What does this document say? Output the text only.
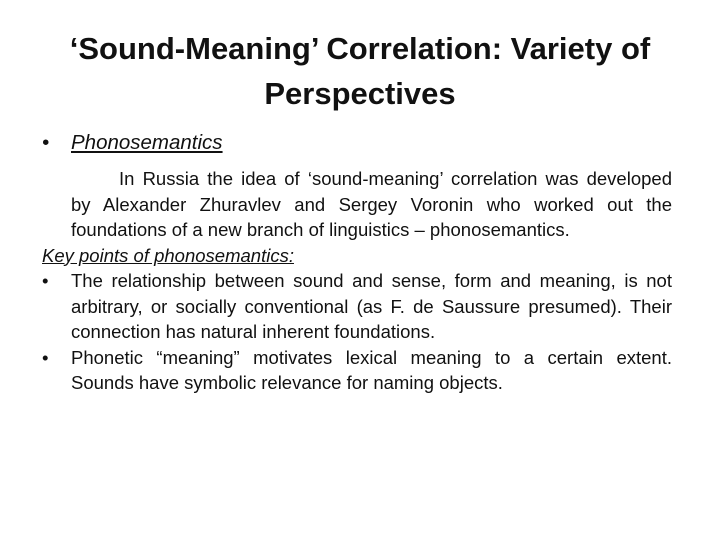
‘Sound-Meaning’ Correlation: Variety of Perspectives
• Phonosemantics
In Russia the idea of ‘sound-meaning’ correlation was developed by Alexander Zhuravlev and Sergey Voronin who worked out the foundations of a new branch of linguistics – phonosemantics.
Key points of phonosemantics:
• The relationship between sound and sense, form and meaning, is not arbitrary, or socially conventional (as F. de Saussure presumed). Their connection has natural inherent foundations.
• Phonetic “meaning” motivates lexical meaning to a certain extent. Sounds have symbolic relevance for naming objects.
